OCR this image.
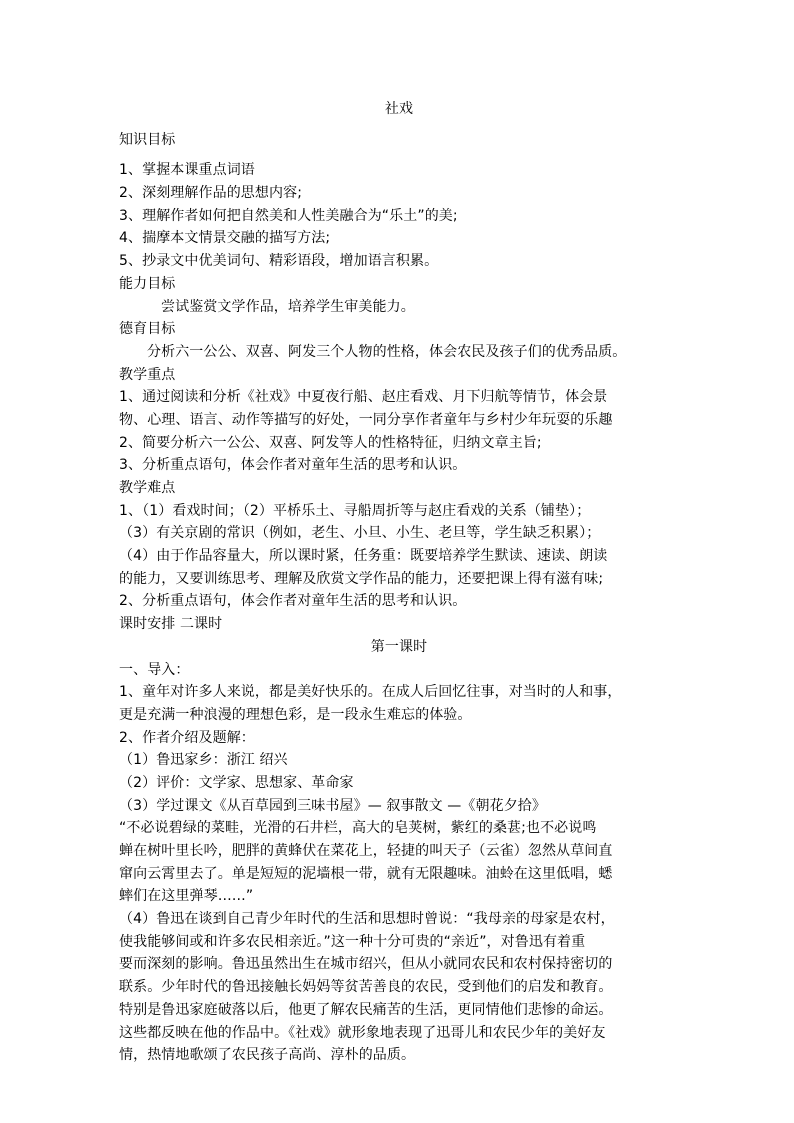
社戏
知识目标
1、掌握本课重点词语
2、深刻理解作品的思想内容;
3、理解作者如何把自然美和人性美融合为“乐土”的美;
4、揣摩本文情景交融的描写方法;
5、抄录文中优美词句、精彩语段，增加语言积累。
能力目标
尝试鉴赏文学作品，培养学生审美能力。
德育目标
分析六一公公、双喜、阿发三个人物的性格，体会农民及孩子们的优秀品质。
教学重点
1、通过阅读和分析《社戏》中夏夜行船、赵庄看戏、月下归航等情节，体会景
物、心理、语言、动作等描写的好处，一同分享作者童年与乡村少年玩耍的乐趣
2、简要分析六一公公、双喜、阿发等人的性格特征，归纳文章主旨;
3、分析重点语句，体会作者对童年生活的思考和认识。
教学难点
1、（1）看戏时间；（2）平桥乐土、寻船周折等与赵庄看戏的关系（铺垫）；
（3）有关京剧的常识（例如，老生、小旦、小生、老旦等，学生缺乏积累）；
（4）由于作品容量大，所以课时紧，任务重：既要培养学生默读、速读、朗读
的能力，又要训练思考、理解及欣赏文学作品的能力，还要把课上得有滋有味;
2、分析重点语句，体会作者对童年生活的思考和认识。
课时安排 二课时
第一课时
一、导入：
1、童年对许多人来说，都是美好快乐的。在成人后回忆往事，对当时的人和事，
更是充满一种浪漫的理想色彩，是一段永生难忘的体验。
2、作者介绍及题解：
（1）鲁迅家乡：浙江 绍兴
（2）评价：文学家、思想家、革命家
（3）学过课文《从百草园到三味书屋》— 叙事散文 —《朝花夕拾》
“不必说碧绿的菜畦，光滑的石井栏，高大的皂荚树，紫红的桑葚;也不必说鸣
蝉在树叶里长吟，肥胖的黄蜂伏在菜花上，轻捷的叫天子（云雀）忽然从草间直
窜向云霄里去了。单是短短的泥墙根一带，就有无限趣味。油蛉在这里低唱，蟋
蟀们在这里弹琴……”
（4）鲁迅在谈到自己青少年时代的生活和思想时曾说：“我母亲的母家是农村，
使我能够间或和许多农民相亲近。”这一种十分可贵的“亲近”，对鲁迅有着重
要而深刻的影响。鲁迅虽然出生在城市绍兴，但从小就同农民和农村保持密切的
联系。少年时代的鲁迅接触长妈妈等贫苦善良的农民，受到他们的启发和教育。
特别是鲁迅家庭破落以后，他更了解农民痛苦的生活，更同情他们悲惨的命运。
这些都反映在他的作品中。《社戏》就形象地表现了迅哥儿和农民少年的美好友
情，热情地歌颂了农民孩子高尚、淳朴的品质。
